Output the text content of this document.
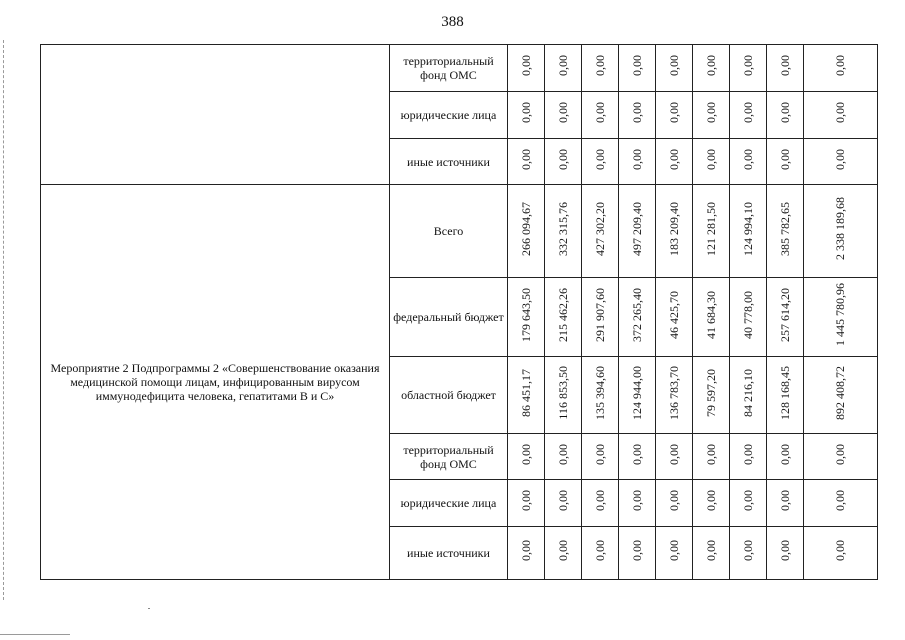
388
	территориальный фонд ОМС	0,00	0,00	0,00	0,00	0,00	0,00	0,00	0,00	0,00
	юридические лица	0,00	0,00	0,00	0,00	0,00	0,00	0,00	0,00	0,00
	иные источники	0,00	0,00	0,00	0,00	0,00	0,00	0,00	0,00	0,00

Мероприятие 2 Подпрограммы 2 «Совершенствование оказания медицинской помощи лицам, инфицированным вирусом иммунодефицита человека, гепатитами В и С»	Всего	266 094,67	332 315,76	427 302,20	497 209,40	183 209,40	121 281,50	124 994,10	385 782,65	2 338 189,68
	федеральный бюджет	179 643,50	215 462,26	291 907,60	372 265,40	46 425,70	41 684,30	40 778,00	257 614,20	1 445 780,96
	областной бюджет	86 451,17	116 853,50	135 394,60	124 944,00	136 783,70	79 597,20	84 216,10	128 168,45	892 408,72
	территориальный фонд ОМС	0,00	0,00	0,00	0,00	0,00	0,00	0,00	0,00	0,00
	юридические лица	0,00	0,00	0,00	0,00	0,00	0,00	0,00	0,00	0,00
	иные источники	0,00	0,00	0,00	0,00	0,00	0,00	0,00	0,00	0,00
